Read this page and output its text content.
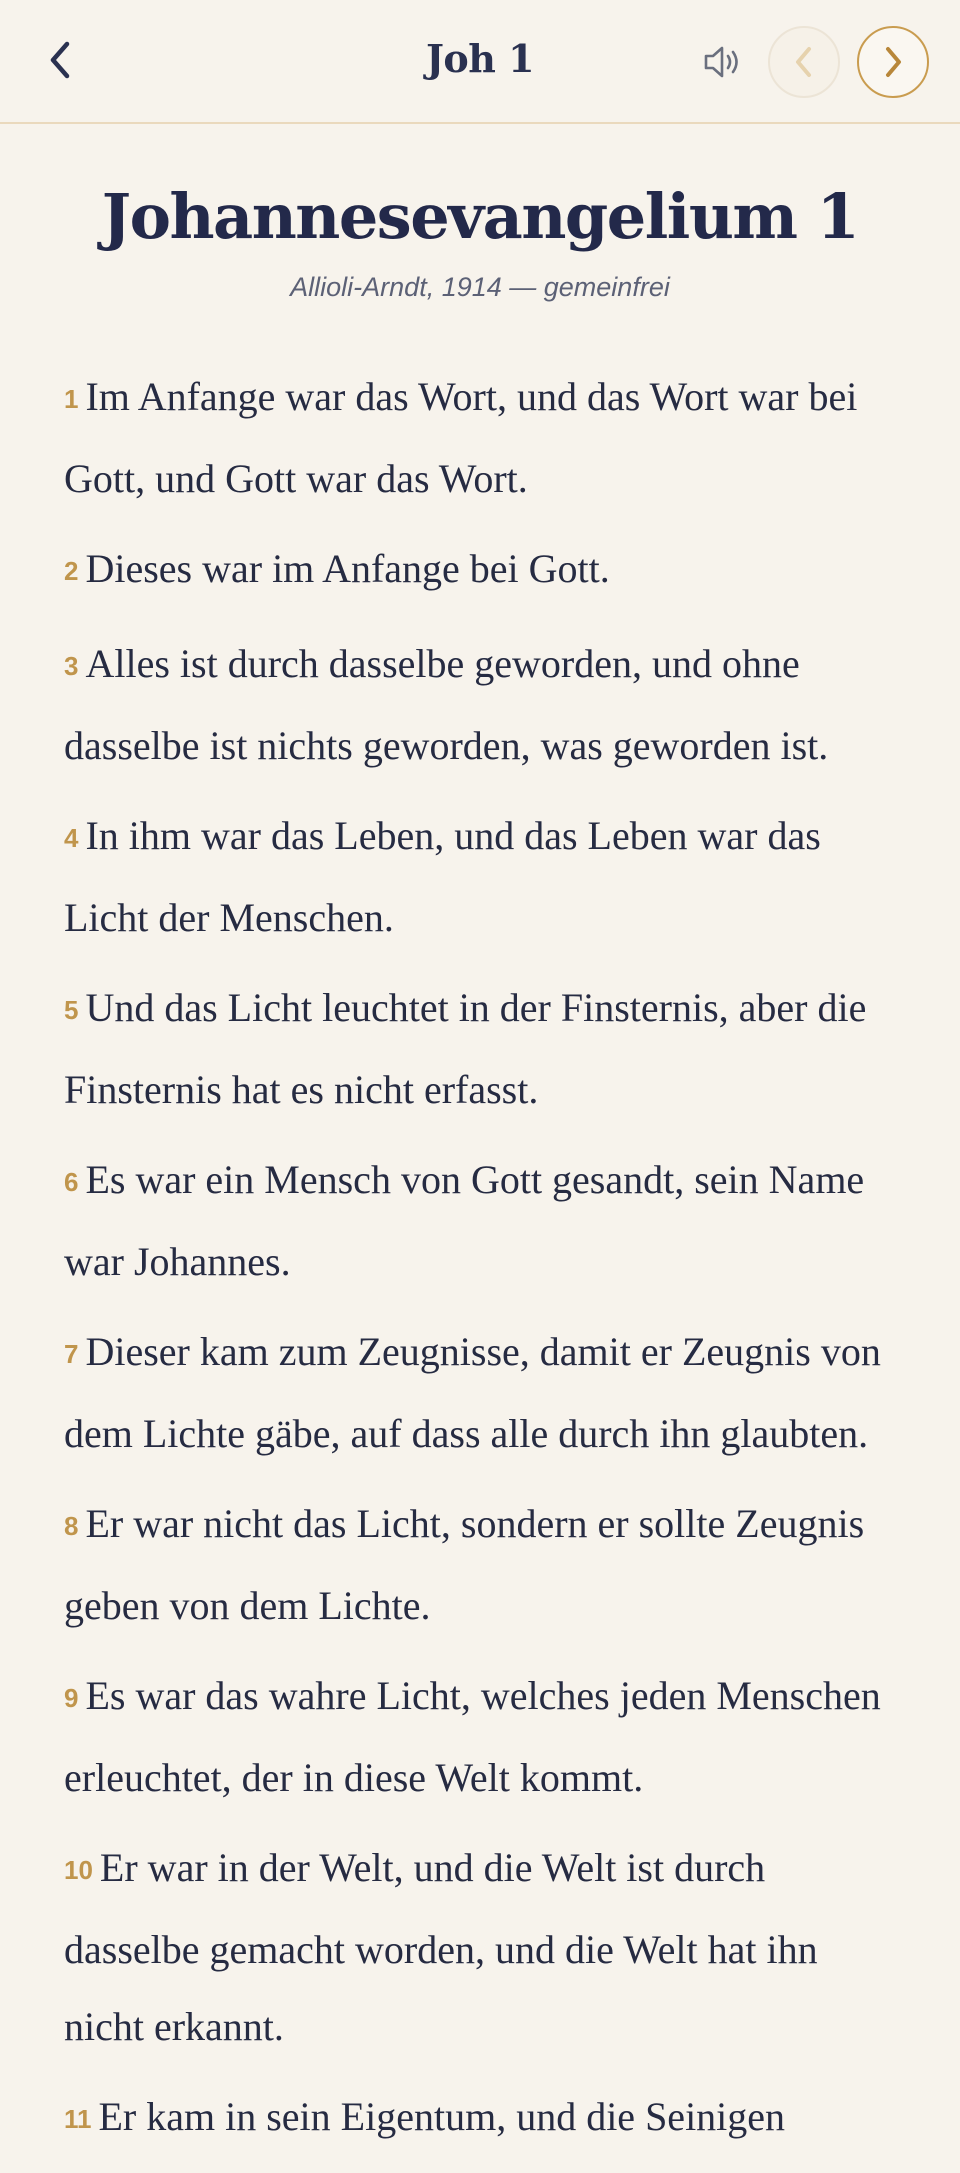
Joh 1
Johannesevangelium 1
Allioli-Arndt, 1914 — gemeinfrei

1 Im Anfange war das Wort, und das Wort war bei Gott, und Gott war das Wort.

2 Dieses war im Anfange bei Gott.

3 Alles ist durch dasselbe geworden, und ohne dasselbe ist nichts geworden, was geworden ist.

4 In ihm war das Leben, und das Leben war das Licht der Menschen.

5 Und das Licht leuchtet in der Finsternis, aber die Finsternis hat es nicht erfasst.

6 Es war ein Mensch von Gott gesandt, sein Name war Johannes.

7 Dieser kam zum Zeugnisse, damit er Zeugnis von dem Lichte gäbe, auf dass alle durch ihn glaubten.

8 Er war nicht das Licht, sondern er sollte Zeugnis geben von dem Lichte.

9 Es war das wahre Licht, welches jeden Menschen erleuchtet, der in diese Welt kommt.

10 Er war in der Welt, und die Welt ist durch dasselbe gemacht worden, und die Welt hat ihn nicht erkannt.

11 Er kam in sein Eigentum, und die Seinigen
